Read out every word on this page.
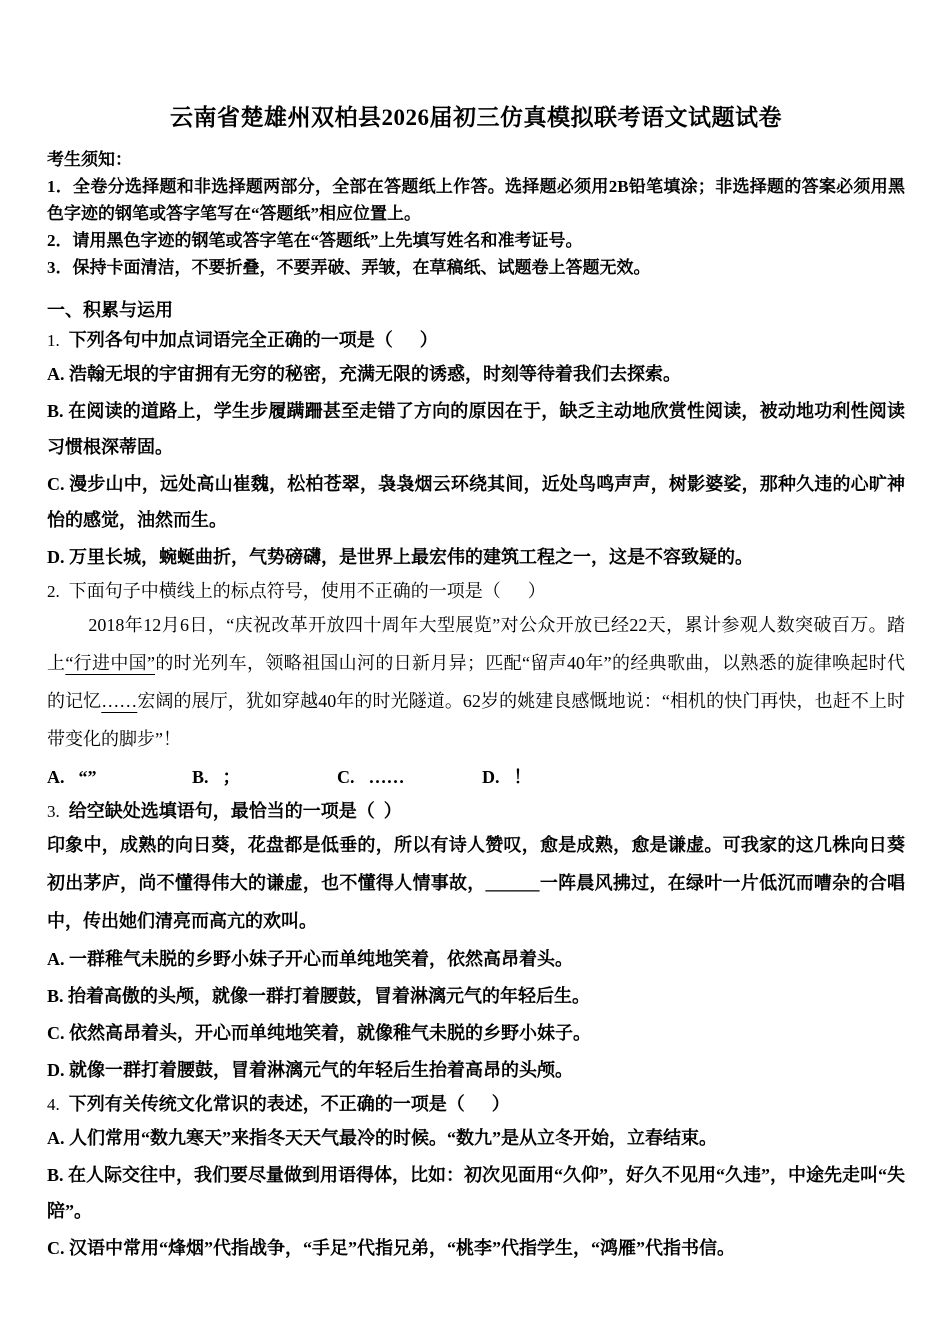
云南省楚雄州双柏县2026届初三仿真模拟联考语文试题试卷

考生须知：

1．全卷分选择题和非选择题两部分，全部在答题纸上作答。选择题必须用2B铅笔填涂；非选择题的答案必须用黑色字迹的钢笔或答字笔写在“答题纸”相应位置上。

2．请用黑色字迹的钢笔或答字笔在“答题纸”上先填写姓名和准考证号。

3．保持卡面清洁，不要折叠，不要弄破、弄皱，在草稿纸、试题卷上答题无效。

一、积累与运用

1. 下列各句中加点词语完全正确的一项是（      ）

A. 浩翰无垠的宇宙拥有无穷的秘密，充满无限的诱惑，时刻等待着我们去探索。

B. 在阅读的道路上，学生步履蹒跚甚至走错了方向的原因在于，缺乏主动地欣赏性阅读，被动地功利性阅读习惯根深蒂固。

C. 漫步山中，远处高山崔魏，松柏苍翠，袅袅烟云环绕其间，近处鸟鸣声声，树影婆娑，那种久违的心旷神怡的感觉，油然而生。

D. 万里长城，蜿蜒曲折，气势磅礴，是世界上最宏伟的建筑工程之一，这是不容致疑的。

2. 下面句子中横线上的标点符号，使用不正确的一项是（      ）

2018年12月6日，“庆祝改革开放四十周年大型展览”对公众开放已经22天，累计参观人数突破百万。踏上“行进中国”的时光列车，领略祖国山河的日新月异；匹配“留声40年”的经典歌曲，以熟悉的旋律唤起时代的记忆……宏阔的展厅，犹如穿越40年的时光隧道。62岁的姚建良感慨地说：“相机的快门再快，也赶不上时带变化的脚步”！

A. “”	B. ；	C. ……	D. ！

3. 给空缺处选填语句，最恰当的一项是（  ）

印象中，成熟的向日葵，花盘都是低垂的，所以有诗人赞叹，愈是成熟，愈是谦虚。可我家的这几株向日葵初出茅庐，尚不懂得伟大的谦虚，也不懂得人情事故，______一阵晨风拂过，在绿叶一片低沉而嘈杂的合唱中，传出她们清亮而高亢的欢叫。

A. 一群稚气未脱的乡野小妹子开心而单纯地笑着，依然高昂着头。

B. 抬着高傲的头颅，就像一群打着腰鼓，冒着淋漓元气的年轻后生。

C. 依然高昂着头，开心而单纯地笑着，就像稚气未脱的乡野小妹子。

D. 就像一群打着腰鼓，冒着淋漓元气的年轻后生抬着高昂的头颅。

4. 下列有关传统文化常识的表述，不正确的一项是（      ）

A. 人们常用“数九寒天”来指冬天天气最冷的时候。“数九”是从立冬开始，立春结束。

B. 在人际交往中，我们要尽量做到用语得体，比如：初次见面用“久仰”，好久不见用“久违”，中途先走叫“失陪”。

C. 汉语中常用“烽烟”代指战争，“手足”代指兄弟，“桃李”代指学生，“鸿雁”代指书信。
